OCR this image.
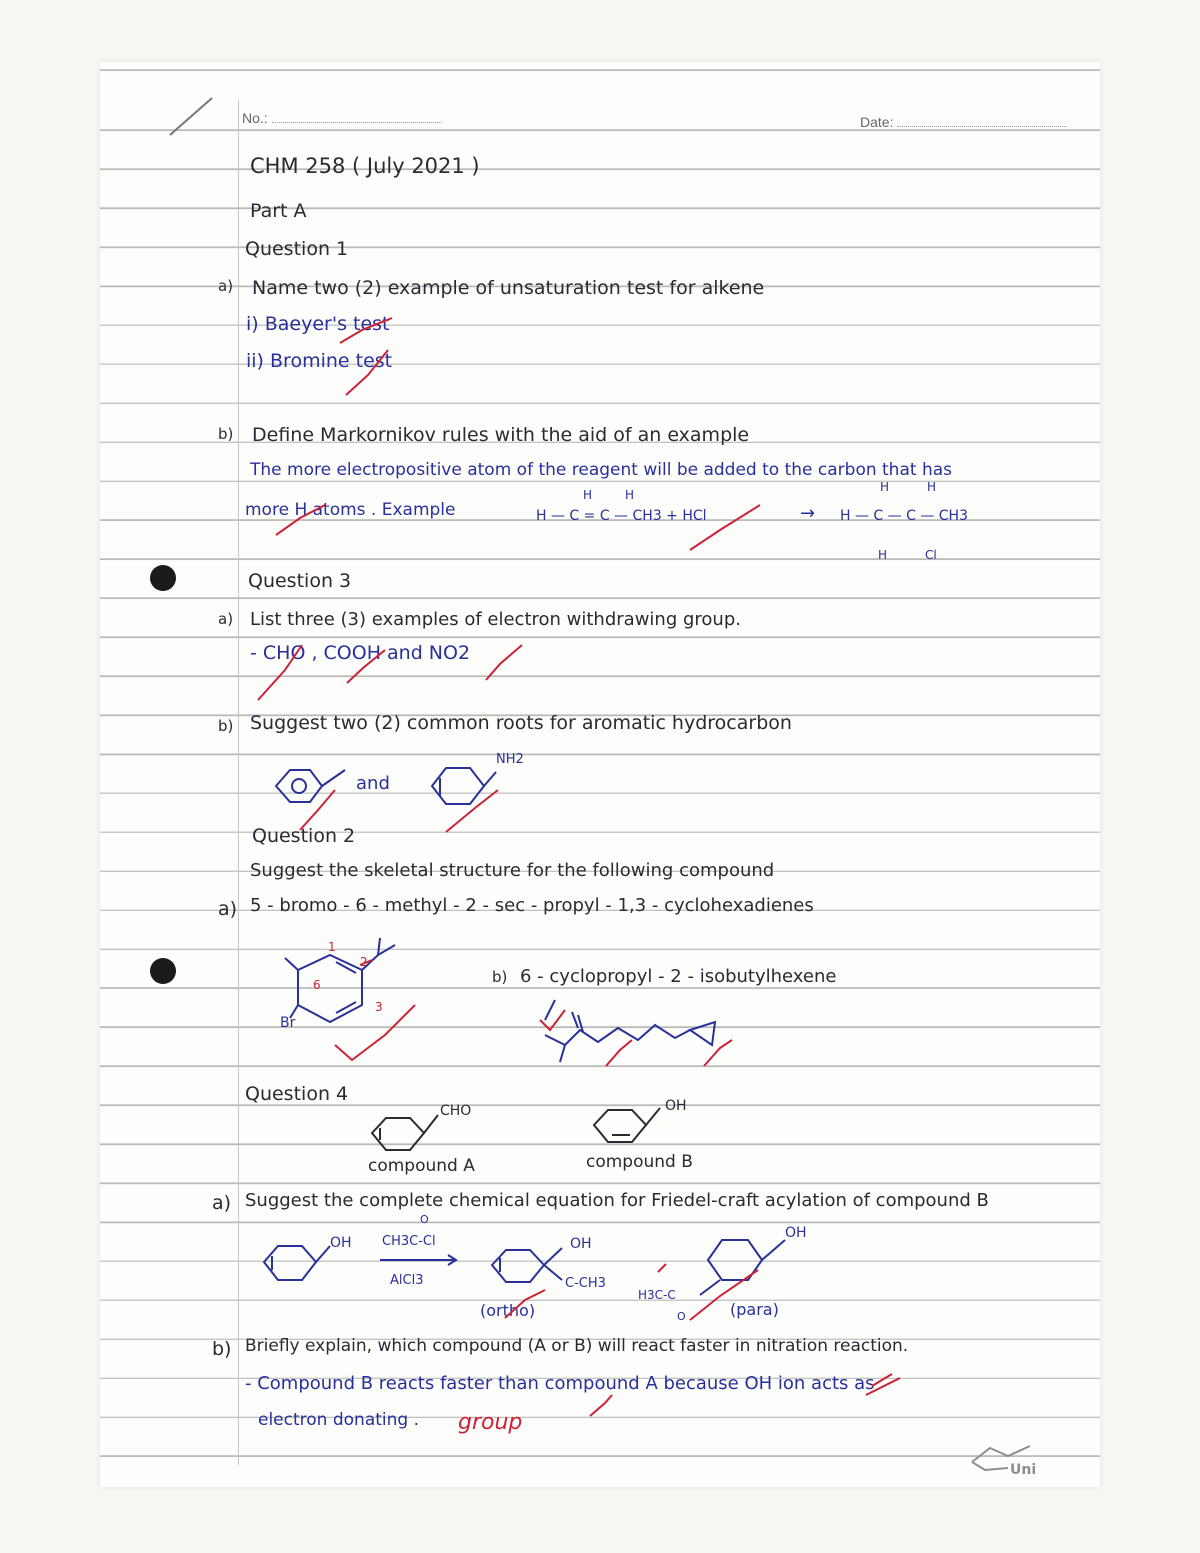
No.:	Date:
CHM 258 ( July 2021 )
Part A
Question 1
a) Name two (2) example of unsaturation test for alkene
i) Baeyer's test
ii) Bromine test
b) Define Markornikov rules with the aid of an example
The more electropositive atom of the reagent will be added to the carbon that has
more H atoms . Example	H — C = C — CH3 + HCl	→ H — C — C — CH3
H	H
H	H
H	Cl
Question 3
a) List three (3) examples of electron withdrawing group.
- CHO , COOH and NO2
b) Suggest two (2) common roots for aromatic hydrocarbon
and
NH2
Question 2
Suggest the skeletal structure for the following compound
a) 5 - bromo - 6 - methyl - 2 - sec - propyl - 1,3 - cyclohexadienes
b) 6 - cyclopropyl - 2 - isobutylhexene
Br
1
2
3
6
Question 4
CHO	OH
compound A	compound B
a) Suggest the complete chemical equation for Friedel-craft acylation of compound B
OH
O
CH3C-Cl
AlCl3
OH
C-CH3
(ortho)
OH
H3C-C
O	(para)
b) Briefly explain, which compound (A or B) will react faster in nitration reaction.
- Compound B reacts faster than compound A because OH ion acts as
electron donating . group
Uni
